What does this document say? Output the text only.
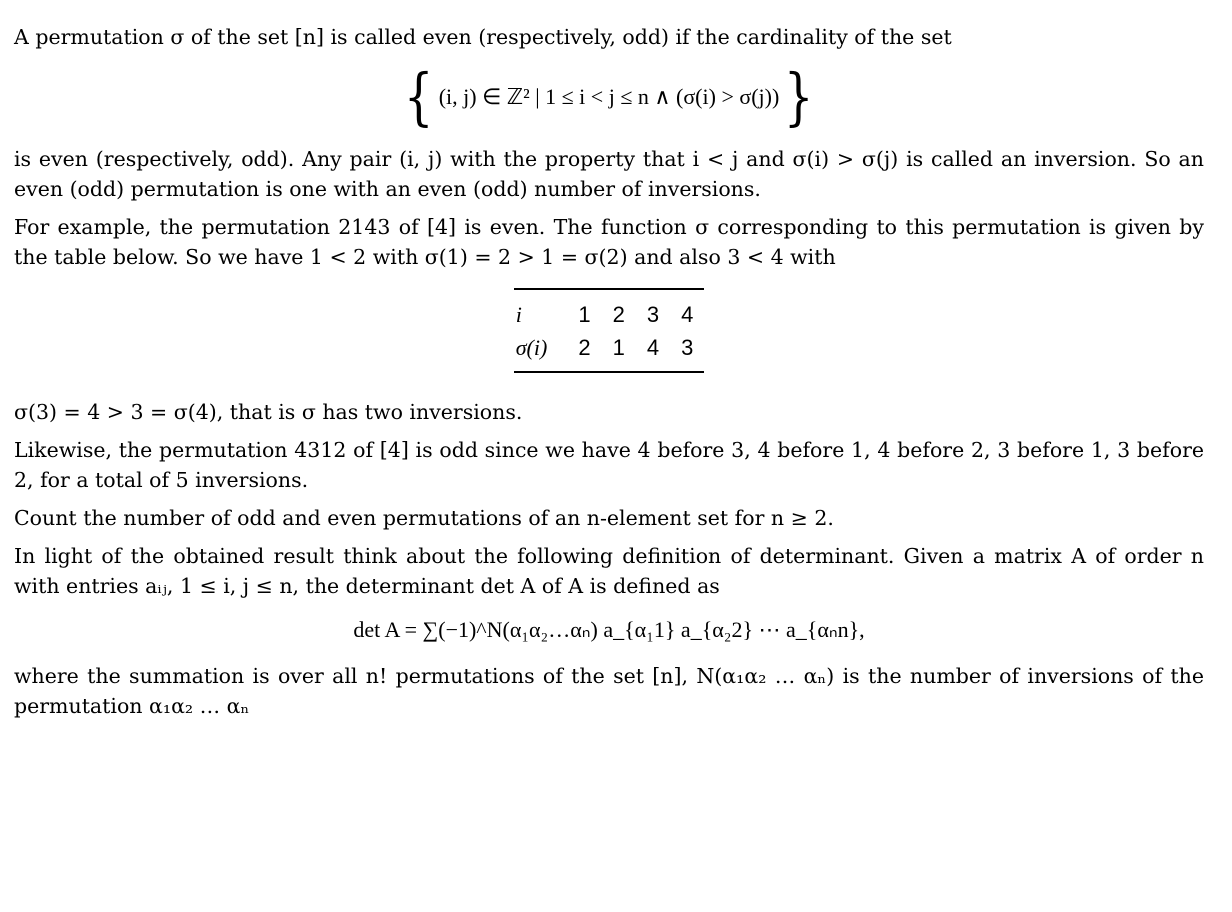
A permutation σ of the set [n] is called even (respectively, odd) if the cardinality of the set

{ (i, j) ∈ ℤ² | 1 ≤ i < j ≤ n ∧ (σ(i) > σ(j)) }

is even (respectively, odd). Any pair (i, j) with the property that i < j and σ(i) > σ(j) is called an inversion. So an even (odd) permutation is one with an even (odd) number of inversions.

For example, the permutation 2143 of [4] is even. The function σ corresponding to this permutation is given by the table below. So we have 1 < 2 with σ(1) = 2 > 1 = σ(2) and also 3 < 4 with

i	1	2	3	4
σ(i)	2	1	4	3

σ(3) = 4 > 3 = σ(4), that is σ has two inversions.

Likewise, the permutation 4312 of [4] is odd since we have 4 before 3, 4 before 1, 4 before 2, 3 before 1, 3 before 2, for a total of 5 inversions.

Count the number of odd and even permutations of an n-element set for n ≥ 2.

In light of the obtained result think about the following definition of determinant. Given a matrix A of order n with entries aᵢⱼ, 1 ≤ i, j ≤ n, the determinant det A of A is defined as

det A = ∑(−1)^N(α₁α₂…αₙ) a_{α₁1} a_{α₂2} ⋯ a_{αₙn},

where the summation is over all n! permutations of the set [n], N(α₁α₂ … αₙ) is the number of inversions of the permutation α₁α₂ … αₙ
